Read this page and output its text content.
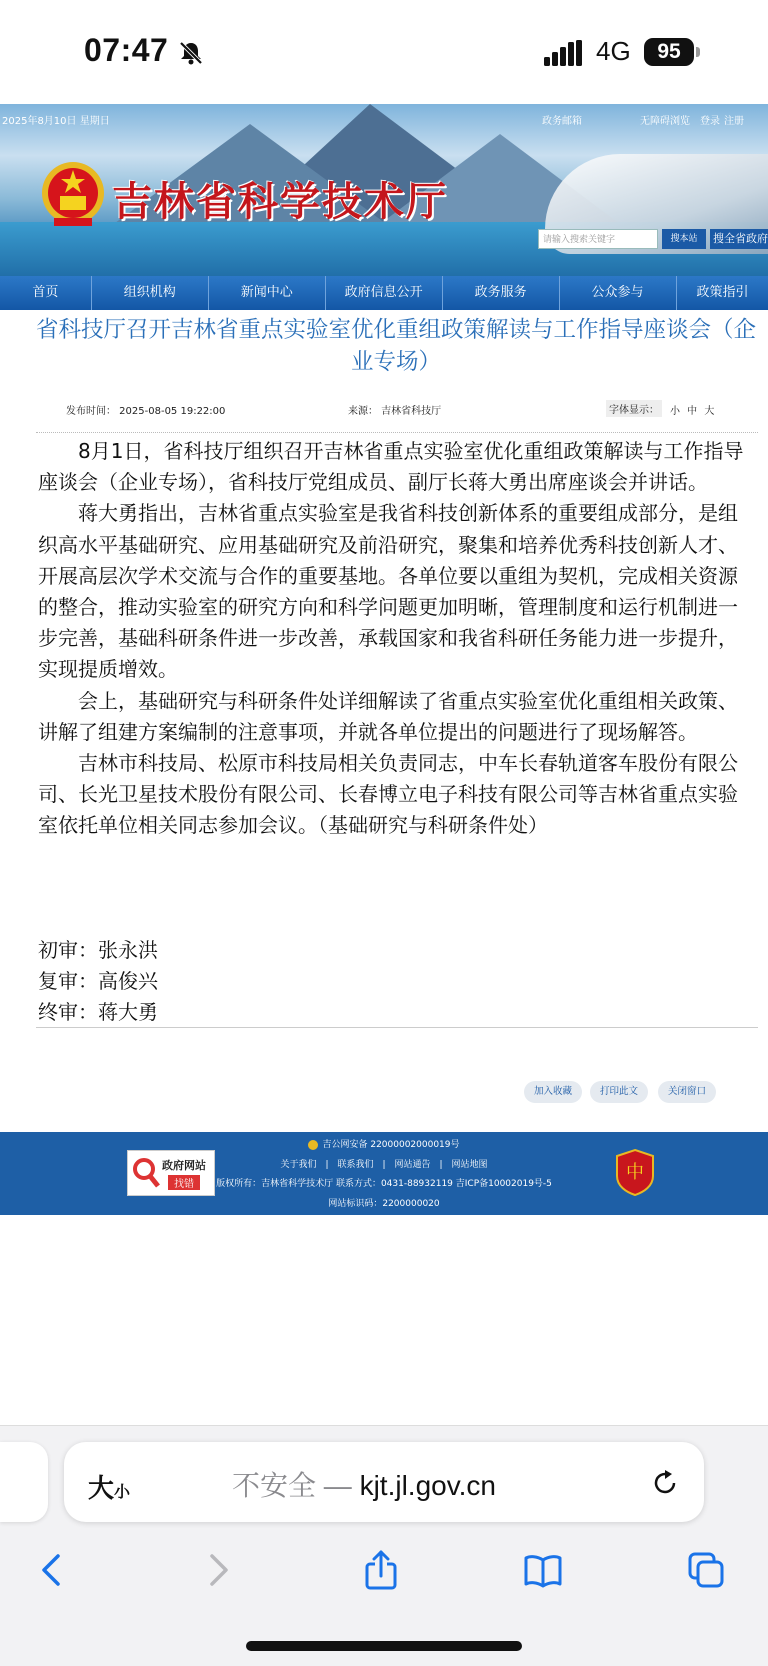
07:47	4G	95
2025年8月10日 星期日	政务邮箱	无障碍浏览 登录 注册
吉林省科学技术厅
请输入搜索关键字	搜本站	搜全省政府
首页	组织机构	新闻中心	政府信息公开	政务服务	公众参与	政策指引
省科技厅召开吉林省重点实验室优化重组政策解读与工作指导座谈会（企业专场）
发布时间： 2025-08-05 19:22:00	来源： 吉林省科技厅	字体显示：	小 中 大

8月1日，省科技厅组织召开吉林省重点实验室优化重组政策解读与工作指导座谈会（企业专场），省科技厅党组成员、副厅长蒋大勇出席座谈会并讲话。

蒋大勇指出，吉林省重点实验室是我省科技创新体系的重要组成部分，是组织高水平基础研究、应用基础研究及前沿研究，聚集和培养优秀科技创新人才、开展高层次学术交流与合作的重要基地。各单位要以重组为契机，完成相关资源的整合，推动实验室的研究方向和科学问题更加明晰，管理制度和运行机制进一步完善，基础科研条件进一步改善，承载国家和我省科研任务能力进一步提升，实现提质增效。

会上，基础研究与科研条件处详细解读了省重点实验室优化重组相关政策、讲解了组建方案编制的注意事项，并就各单位提出的问题进行了现场解答。

吉林市科技局、松原市科技局相关负责同志，中车长春轨道客车股份有限公司、长光卫星技术股份有限公司、长春博立电子科技有限公司等吉林省重点实验室依托单位相关同志参加会议。（基础研究与科研条件处）

初审：张永洪
复审：高俊兴
终审：蒋大勇
加入收藏	打印此文	关闭窗口
政府网站
找错
吉公网安备 22000002000019号
关于我们　|　联系我们　|　网站通告　|　网站地图
版权所有：吉林省科学技术厅 联系方式：0431-88932119 吉ICP备10002019号-5
网站标识码：2200000020
中
大小	不安全 — kjt.jl.gov.cn
